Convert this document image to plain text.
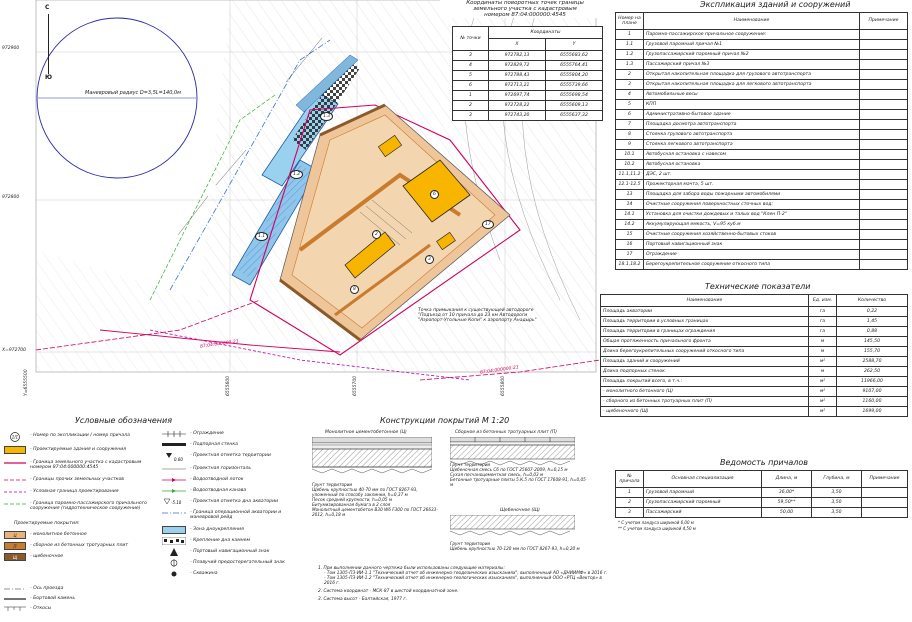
С
Ю
972900
972800
Х=972700
Y=6555500	6555600	6555700	6555800
Маневровый радиус D=3,5L=140,0м
87:04:000000:21
87:04:000000:21
Точка примыкания к существующей автодороге
"Подъезд от 10 причала до 23 км Автодороги
"Аэропорт-Угольные Копи" к аэропорту Анадырь"
1.1
1.2
1.3
2
3
6
8
17
Координаты поворотных точек границы
земельного участка с кадастровым
номером 87:04:000000:4545
№ точки	Координаты	
	X	Y
3	972782,13	6555683,62
4	972829,72	6555764,41
5	972788,43	6555804,20
6	972713,21	6555739,66
1	972697,74	6555698,54
2	972728,22	6555609,13
3	972743,20	6555637,32
Экспликация зданий и сооружений
Номер на плане	Наименование	Примечание
1	Паромно-пассажирское причальное сооружение:	
1.1	Грузовой паромный причал №1	
1.2	Грузопассажирский паромный причал №2	
1.3	Пассажирский причал №3	
2	Открытая накопительная площадка для грузового автотранспорта	
3	Открытая накопительная площадка для легкового автотранспорта	
4	Автомобильные весы	
5	КПП	
6	Административно-бытовое здание	
7	Площадка досмотра автотранспорта	
8	Стоянка грузового автотранспорта	
9	Стоянка легкового автотранспорта	
10.1	Автобусная остановка с навесом	
10.2	Автобусная остановка	
11.1,11.2	ДЭС, 2 шт.	
12.1-12.5	Прожекторная мачта, 5 шт.	
13	Площадка для забора воды пожарными автомобилями	
14	Очистные сооружения поверхностных сточных вод:	
14.1	Установка для очистки дождевых и талых вод "Клен П-2"	
14.2	Аккумулирующая емкость, V=95 куб.м	
15	Очистные сооружения хозяйственно-бытовых стоков	
16	Портовый навигационный знак	
17	Ограждение	
18.1,18.2	Берегоукрепительное сооружение откосного типа	
Технические показатели
Наименование	Ед. изм.	Количество
Площадь акватории	га	0,22
Площадь территории в условных границах	га	1,45
Площадь территории в границах ограждения	га	0,88
Общая протяженность причального фронта	м	145,50
Длина берегоукрепительных сооружений откосного типа	м	155,70
Площадь зданий и сооружений	м²	2588,70
Длина подпорных стенок	м	262,50
Площадь покрытий всего, в т.ч.:	м²	11966,00
- монолитного бетонного (Ц)	м²	9107,00
- сборного из бетонных тротуарных плит (П)	м²	1160,00
- щебеночного (Щ)	м²	1699,00
Ведомость причалов
№ причала	Основная специализация	Длина, м	Глубина, м	Примечание
1	Грузовой паромный	36,00*	3,50	
2	Грузопассажирский паромный	59,50**	3,50	
3	Пассажирский	50,00	3,50	
* С учетом ландуса шириной 6,00 м
** С учетом ландуса шириной 4,50 м
Условные обозначения
1/1	- Номер по экспликации / номер причала
- Проектируемые здания и сооружения
- Граница земельного участка с кадастровым номером 87:04:000000:4545
- Границы прочих земельных участков
- Условная граница проектирования
- Граница паромно-пассажирского причального сооружения (гидротехническое сооружение)
Проектируемые покрытия:
Ц	- монолитное бетонное
П	- сборное из бетонных тротуарных плит
Щ	- щебеночное
- Ось проезда
- Бортовой камень
- Откосы
- Ограждение
- Подпорная стенка
0.60
- Проектная отметка территории
- Проектная горизонталь
- Водоотводной лоток
- Водоотводная канава
-5.10 - Проектная отметка дна акватории
- Граница операционной акватории и маневровой рейд
- Зона дноукрепления
- Крепление дна камнем
- Портовый навигационный знак
- Плавучий предостерегательный знак
- Скважина
Конструкции покрытий М 1:20
Монолитное цементобетонное (Ц)
Грунт территории
Щебень крупностью 40-70 мм по ГОСТ 8267-93, уложенный по способу заклинки, h=0,37 м
Песок средней крупности, h=0,05 м
Битумизированная бумага в 2 слоя
Монолитный цементобетон В30 W6 F300 по ГОСТ 26633-2012, h=0,18 м
Сборное из бетонных тротуарных плит (П)
Грунт территории
Щебеночная смесь С6 по ГОСТ 25607-2009, h=0,15 м
Сухая песчаноцементная смесь, h=0,03 м
Бетонные тротуарные плиты 5.К.5 по ГОСТ 17608-91, h=0,05 м
Щебеночное (Щ)
Грунт территории
Щебень крупностью 70-120 мм по ГОСТ 8267-93, h=0,20 м
1. При выполнении данного чертежа были использованы следующие материалы:
- Том 1305-ПЗ-ИИ-1.1 "Технический отчет об инженерно-геодезических изысканиях", выполненный АО «ДНИИМФ» в 2016 г.
- Том 1305-ПЗ-ИИ-1.2 "Технический отчет об инженерно-геологических изысканиях", выполненный ООО «РТЦ «Вектор» в 2016 г.
2. Система координат - МСК-87 в шестой координатной зоне.
3. Система высот - Балтийская, 1977 г.
